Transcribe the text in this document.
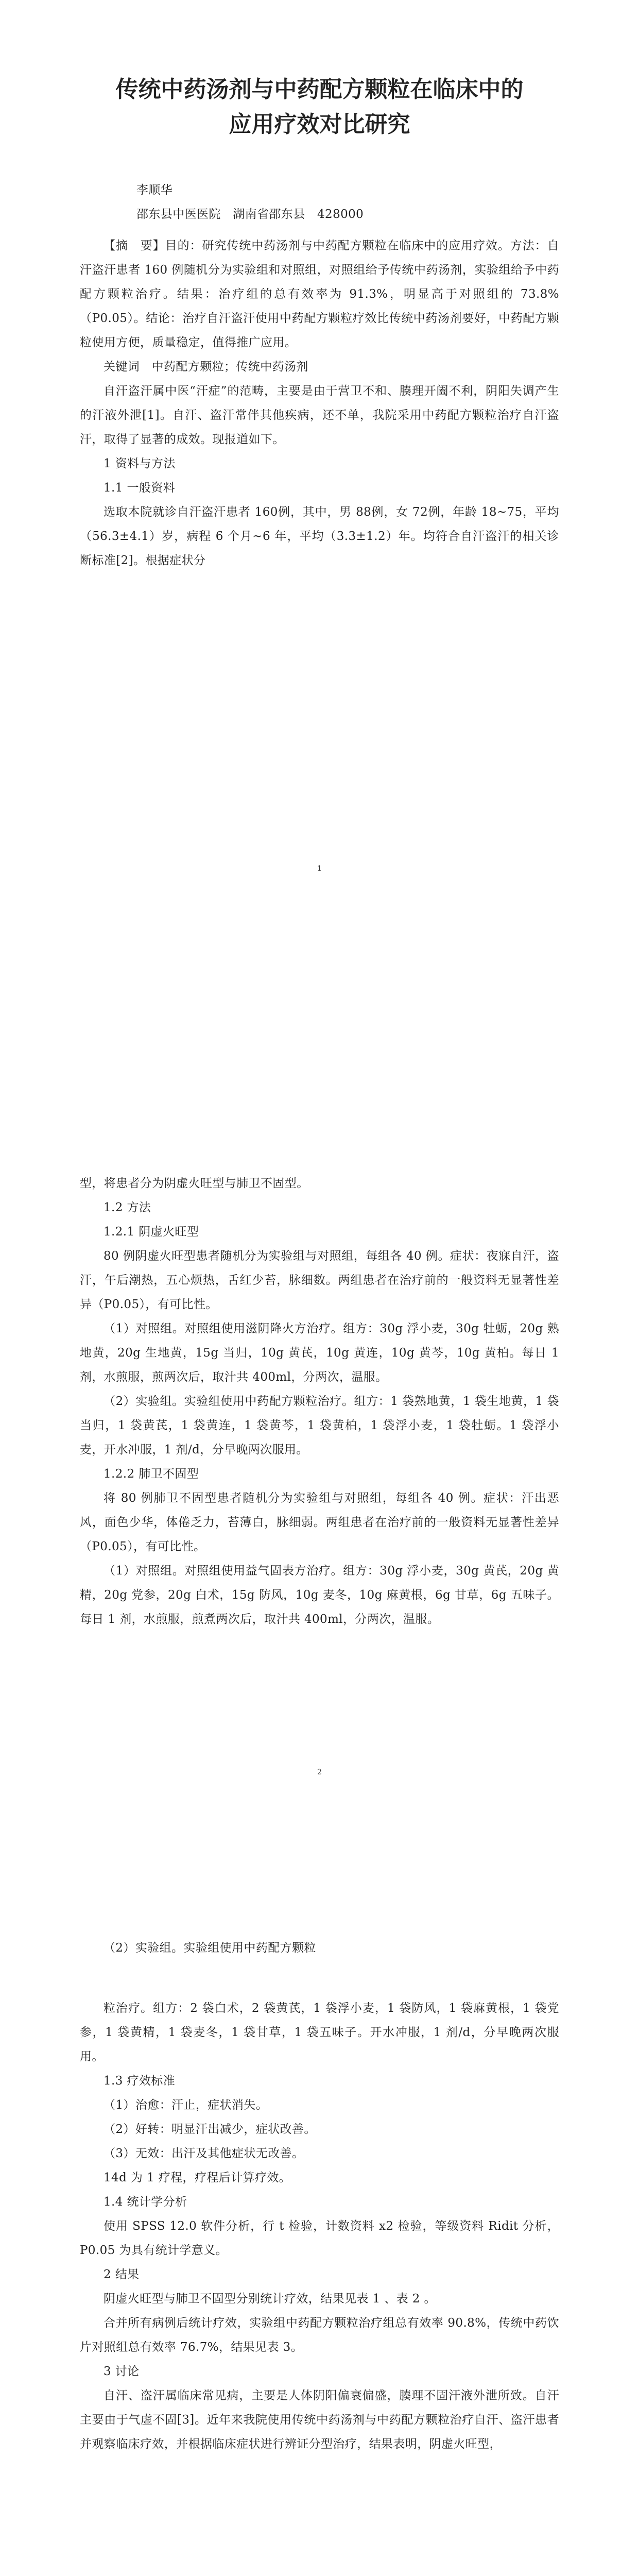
传统中药汤剂与中药配方颗粒在临床中的
应用疗效对比研究

李顺华

邵东县中医医院　湖南省邵东县　428000

【摘　要】目的：研究传统中药汤剂与中药配方颗粒在临床中的应用疗效。方法：自汗盗汗患者 160 例随机分为实验组和对照组，对照组给予传统中药汤剂，实验组给予中药配方颗粒治疗。结果：治疗组的总有效率为 91.3%，明显高于对照组的 73.8%（P0.05）。结论：治疗自汗盗汗使用中药配方颗粒疗效比传统中药汤剂要好，中药配方颗粒使用方便，质量稳定，值得推广应用。

关键词　中药配方颗粒；传统中药汤剂

自汗盗汗属中医“汗症”的范畴，主要是由于营卫不和、腠理开阖不利，阴阳失调产生的汗液外泄[1]。自汗、盗汗常伴其他疾病，还不单，我院采用中药配方颗粒治疗自汗盗汗，取得了显著的成效。现报道如下。

1 资料与方法

1.1 一般资料

选取本院就诊自汗盗汗患者 160例，其中，男 88例，女 72例，年龄 18~75，平均（56.3±4.1）岁，病程 6 个月~6 年，平均（3.3±1.2）年。均符合自汗盗汗的相关诊断标准[2]。根据症状分

1

型，将患者分为阴虚火旺型与肺卫不固型。

1.2 方法

1.2.1 阴虚火旺型

80 例阴虚火旺型患者随机分为实验组与对照组，每组各 40 例。症状：夜寐自汗，盗汗，午后潮热，五心烦热，舌红少苔，脉细数。两组患者在治疗前的一般资料无显著性差异（P0.05），有可比性。

（1）对照组。对照组使用滋阴降火方治疗。组方：30g 浮小麦，30g 牡蛎，20g 熟地黄，20g 生地黄，15g 当归，10g 黄芪，10g 黄连，10g 黄芩，10g 黄柏。每日 1 剂，水煎服，煎两次后，取汁共 400ml，分两次，温服。

（2）实验组。实验组使用中药配方颗粒治疗。组方：1 袋熟地黄，1 袋生地黄，1 袋当归，1 袋黄芪，1 袋黄连，1 袋黄芩，1 袋黄柏，1 袋浮小麦，1 袋牡蛎。1 袋浮小麦，开水冲服，1 剂/d，分早晚两次服用。

1.2.2 肺卫不固型

将 80 例肺卫不固型患者随机分为实验组与对照组，每组各 40 例。症状：汗出恶风，面色少华，体倦乏力，苔薄白，脉细弱。两组患者在治疗前的一般资料无显著性差异（P0.05），有可比性。

（1）对照组。对照组使用益气固表方治疗。组方：30g 浮小麦，30g 黄芪，20g 黄精，20g 党参，20g 白术，15g 防风，10g 麦冬，10g 麻黄根，6g 甘草，6g 五味子。每日 1 剂，水煎服，煎煮两次后，取汁共 400ml，分两次，温服。

2

（2）实验组。实验组使用中药配方颗粒

粒治疗。组方：2 袋白术，2 袋黄芪，1 袋浮小麦，1 袋防风，1 袋麻黄根，1 袋党参，1 袋黄精，1 袋麦冬，1 袋甘草，1 袋五味子。开水冲服，1 剂/d，分早晚两次服用。

1.3 疗效标准

（1）治愈：汗止，症状消失。

（2）好转：明显汗出减少，症状改善。

（3）无效：出汗及其他症状无改善。

14d 为 1 疗程，疗程后计算疗效。

1.4 统计学分析

使用 SPSS 12.0 软件分析，行 t 检验，计数资料 x2 检验，等级资料 Ridit 分析，P0.05 为具有统计学意义。

2 结果

阴虚火旺型与肺卫不固型分别统计疗效，结果见表 1 、表 2 。

合并所有病例后统计疗效，实验组中药配方颗粒治疗组总有效率 90.8%，传统中药饮片对照组总有效率 76.7%，结果见表 3。

3 讨论

自汗、盗汗属临床常见病，主要是人体阴阳偏衰偏盛，腠理不固汗液外泄所致。自汗主要由于气虚不固[3]。近年来我院使用传统中药汤剂与中药配方颗粒治疗自汗、盗汗患者并观察临床疗效，并根据临床症状进行辨证分型治疗，结果表明，阴虚火旺型，
